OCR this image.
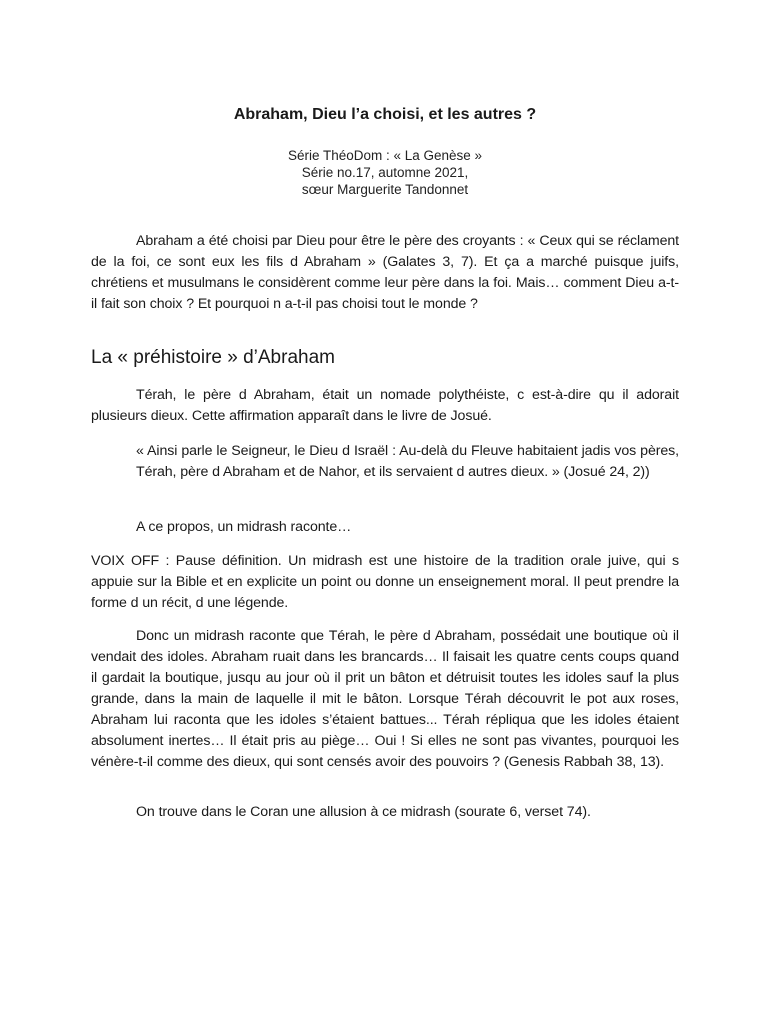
Abraham, Dieu l’a choisi, et les autres ?
Série ThéoDom : « La Genèse »
Série no.17, automne 2021,
sœur Marguerite Tandonnet

Abraham a été choisi par Dieu pour être le père des croyants : « Ceux qui se réclament de la foi, ce sont eux les fils d Abraham » (Galates 3, 7). Et ça a marché puisque juifs, chrétiens et musulmans le considèrent comme leur père dans la foi. Mais… comment Dieu a-t-il fait son choix ? Et pourquoi n a-t-il pas choisi tout le monde ?

La « préhistoire » d’Abraham

Térah, le père d Abraham, était un nomade polythéiste, c est-à-dire qu il adorait plusieurs dieux. Cette affirmation apparaît dans le livre de Josué.

« Ainsi parle le Seigneur, le Dieu d Israël : Au-delà du Fleuve habitaient jadis vos pères, Térah, père d Abraham et de Nahor, et ils servaient d autres dieux. » (Josué 24, 2))

A ce propos, un midrash raconte…

VOIX OFF : Pause définition. Un midrash est une histoire de la tradition orale juive, qui s appuie sur la Bible et en explicite un point ou donne un enseignement moral. Il peut prendre la forme d un récit, d une légende.

Donc un midrash raconte que Térah, le père d Abraham, possédait une boutique où il vendait des idoles. Abraham ruait dans les brancards… Il faisait les quatre cents coups quand il gardait la boutique, jusqu au jour où il prit un bâton et détruisit toutes les idoles sauf la plus grande, dans la main de laquelle il mit le bâton. Lorsque Térah découvrit le pot aux roses, Abraham lui raconta que les idoles s’étaient battues... Térah répliqua que les idoles étaient absolument inertes… Il était pris au piège… Oui ! Si elles ne sont pas vivantes, pourquoi les vénère-t-il comme des dieux, qui sont censés avoir des pouvoirs ? (Genesis Rabbah 38, 13).

On trouve dans le Coran une allusion à ce midrash (sourate 6, verset 74).
